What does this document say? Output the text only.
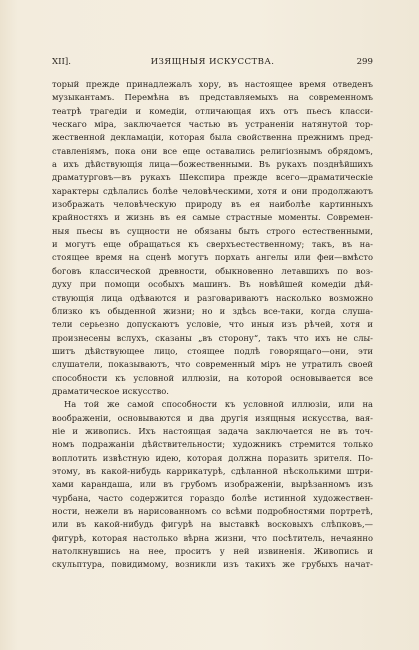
XII].	ИЗЯЩНЫЯ ИСКУССТВА.	299
торый прежде принадлежалъ хору, въ настоящее время отведенъ
музыкантамъ. Перемѣна въ представляемыхъ на современномъ
театрѣ трагедiи и комедiи, отличающая ихъ отъ пьесъ класси-
ческаго мiра, заключается частью въ устраненiи натянутой тор-
жественной декламацiи, которая была свойственна прежнимъ пред-
ставленiямъ, пока они все еще оставались религiознымъ обрядомъ,
а ихъ дѣйствующiя лица—божественными. Въ рукахъ позднѣйшихъ
драматурговъ—въ рукахъ Шекспира прежде всего—драматическiе
характеры сдѣлались болѣе человѣческими, хотя и они продолжаютъ
изображать человѣческую природу въ ея наиболѣе картинныхъ
крайностяхъ и жизнь въ ея самые страстные моменты. Современ-
ныя пьесы въ сущности не обязаны быть строго естественными,
и могутъ еще обращаться къ сверхъестественному; такъ, въ на-
стоящее время на сценѣ могутъ порхать ангелы или феи—вмѣсто
боговъ классической древности, обыкновенно летавшихъ по воз-
духу при помощи особыхъ машинъ. Въ новѣйшей комедiи дѣй-
ствующiя лица одѣваются и разговариваютъ насколько возможно
близко къ обыденной жизни; но и здѣсь все-таки, когда слуша-
тели серьезно допускаютъ условiе, что иныя изъ рѣчей, хотя и
произнесены вслухъ, сказаны „въ сторону“, такъ что ихъ не слы-
шитъ дѣйствующее лицо, стоящее подлѣ говорящаго—они, эти
слушатели, показываютъ, что современный мiръ не утратилъ своей
способности къ условной иллюзiи, на которой основывается все
драматическое искусство.
На той же самой способности къ условной иллюзiи, или на
воображенiи, основываются и два другiя изящныя искусства, вая-
нiе и живопись. Ихъ настоящая задача заключается не въ точ-
номъ подражанiи дѣйствительности; художникъ стремится только
воплотить извѣстную идею, которая должна поразить зрителя. По-
этому, въ какой-нибудь каррикатурѣ, сдѣланной нѣсколькими штри-
хами карандаша, или въ грубомъ изображенiи, вырѣзанномъ изъ
чурбана, часто содержится гораздо болѣе истинной художествен-
ности, нежели въ нарисованномъ со всѣми подробностями портретѣ,
или въ какой-нибудь фигурѣ на выставкѣ восковыхъ слѣпковъ,—
фигурѣ, которая настолько вѣрна жизни, что посѣтитель, нечаянно
натолкнувшись на нее, проситъ у ней извиненiя. Живопись и
скульптура, повидимому, возникли изъ такихъ же грубыхъ начат-
